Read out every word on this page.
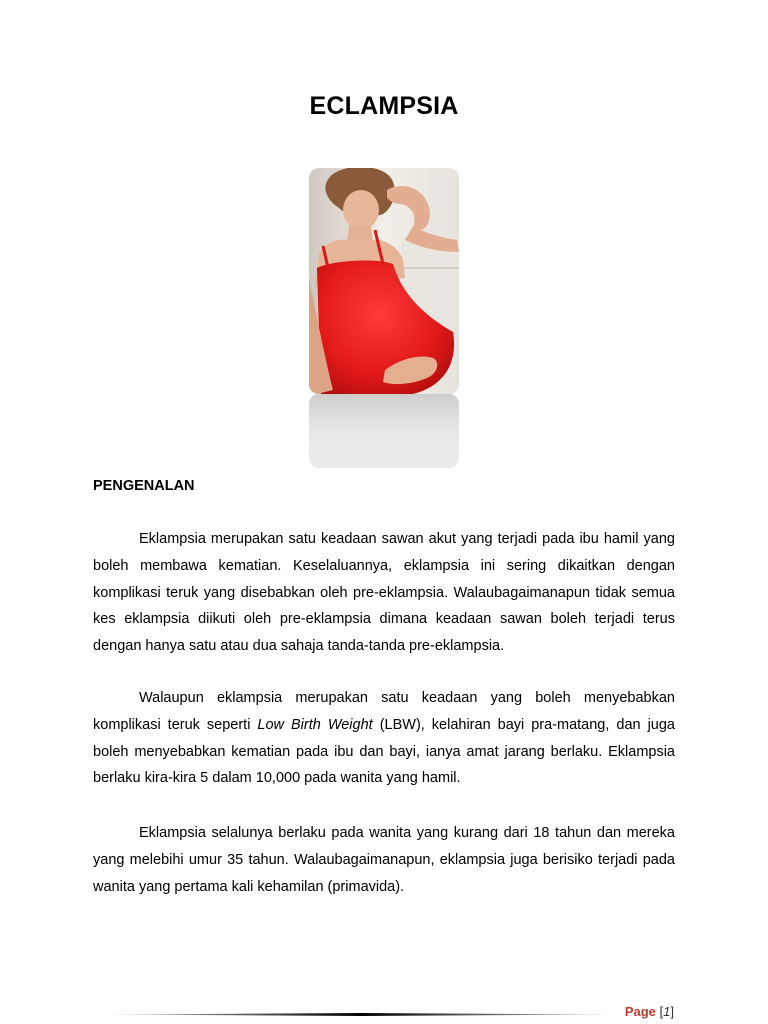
ECLAMPSIA
PENGENALAN

Eklampsia merupakan satu keadaan sawan akut yang terjadi pada ibu hamil yang boleh membawa kematian. Keselaluannya, eklampsia ini sering dikaitkan dengan komplikasi teruk yang disebabkan oleh pre-eklampsia. Walaubagaimanapun tidak semua kes eklampsia diikuti oleh pre-eklampsia dimana keadaan sawan boleh terjadi terus dengan hanya satu atau dua sahaja tanda-tanda pre-eklampsia.

Walaupun eklampsia merupakan satu keadaan yang boleh menyebabkan komplikasi teruk seperti Low Birth Weight (LBW), kelahiran bayi pra-matang, dan juga boleh menyebabkan kematian pada ibu dan bayi, ianya amat jarang berlaku. Eklampsia berlaku kira-kira 5 dalam 10,000 pada wanita yang hamil.

Eklampsia selalunya berlaku pada wanita yang kurang dari 18 tahun dan mereka yang melebihi umur 35 tahun. Walaubagaimanapun, eklampsia juga berisiko terjadi pada wanita yang pertama kali kehamilan (primavida).

Page [1]
